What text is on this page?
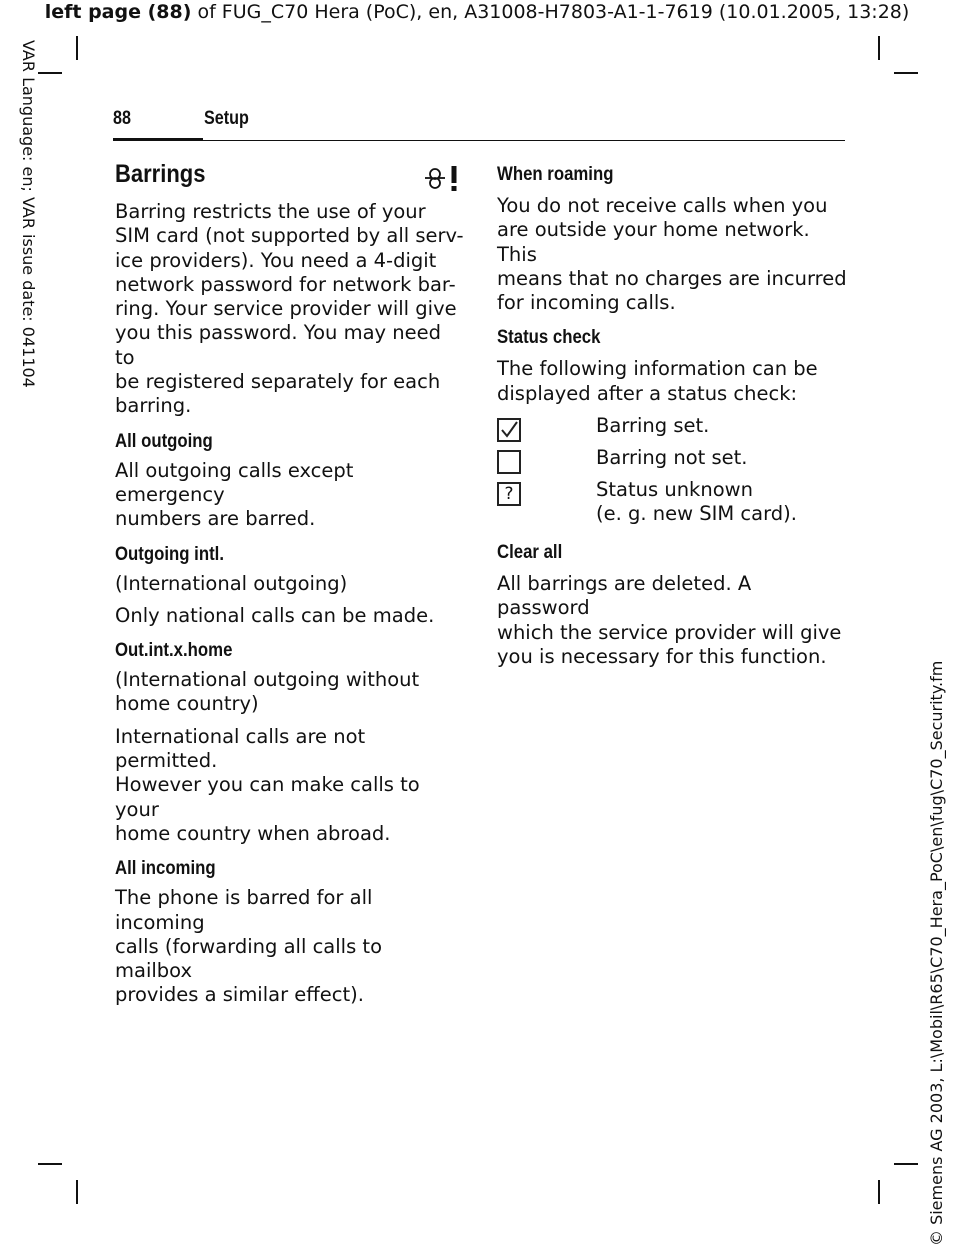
left page (88) of FUG_C70 Hera (PoC), en, A31008-H7803-A1-1-7619 (10.01.2005, 13:28)
VAR Language: en; VAR issue date: 041104
© Siemens AG 2003, L:\Mobil\R65\C70_Hera_PoC\en\fug\C70_Security.fm
88	Setup
Barrings

Barring restricts the use of your

SIM card (not supported by all serv-

ice providers). You need a 4-digit

network password for network bar-

ring. Your service provider will give

you this password. You may need to

be registered separately for each

barring.

All outgoing

All outgoing calls except emergency

numbers are barred.

Outgoing intl.

(International outgoing)

Only national calls can be made.

Out.int.x.home

(International outgoing without

home country)

International calls are not permitted.

However you can make calls to your

home country when abroad.

All incoming

The phone is barred for all incoming

calls (forwarding all calls to mailbox

provides a similar effect).

When roaming

You do not receive calls when you

are outside your home network. This

means that no charges are incurred

for incoming calls.

Status check

The following information can be

displayed after a status check:

Barring set.
Barring not set.
?	Status unknown
(e. g. new SIM card).
Clear all

All barrings are deleted. A password

which the service provider will give

you is necessary for this function.
